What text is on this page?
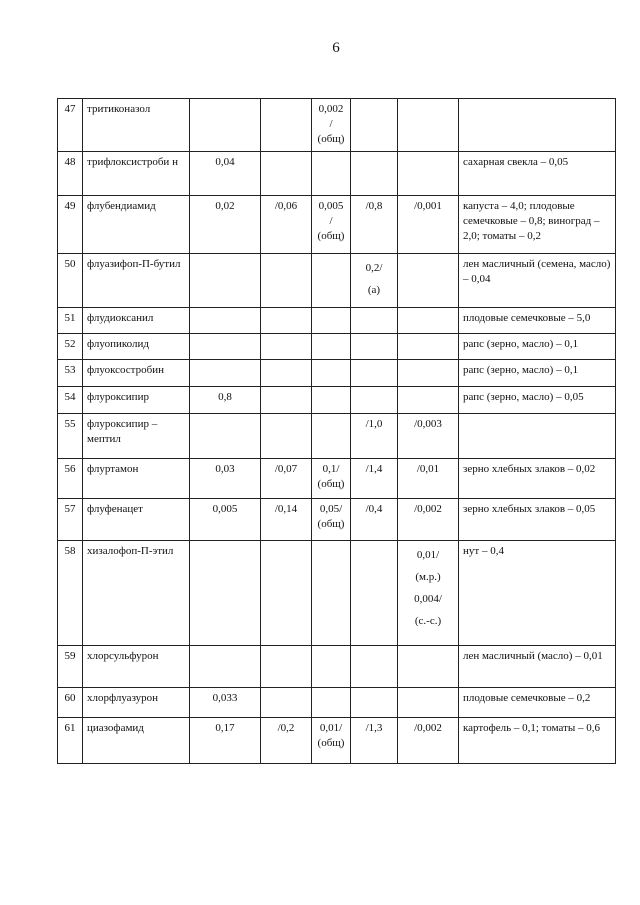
6
47	тритиконазол			0,002
/
(общ)			
48	трифлоксистроби н	0,04					сахарная свекла – 0,05
49	флубендиамид	0,02	/0,06	0,005
/
(общ)	/0,8	/0,001	капуста – 4,0; плодовые семечковые – 0,8; виноград – 2,0; томаты – 0,2
50	флуазифоп-П-бутил				0,2/
(а)		лен масличный (семена, масло) – 0,04
51	флудиоксанил						плодовые семечковые – 5,0
52	флуопиколид						рапс (зерно, масло) – 0,1
53	флуоксостробин						рапс (зерно, масло) – 0,1
54	флуроксипир	0,8					рапс (зерно, масло) – 0,05
55	флуроксипир – мептил				/1,0	/0,003	
56	флуртамон	0,03	/0,07	0,1/
(общ)	/1,4	/0,01	зерно хлебных злаков – 0,02
57	флуфенацет	0,005	/0,14	0,05/
(общ)	/0,4	/0,002	зерно хлебных злаков – 0,05
58	хизалофоп-П-этил					0,01/
(м.р.)
0,004/
(с.-с.)	нут – 0,4
59	хлорсульфурон						лен масличный (масло) – 0,01
60	хлорфлуазурон	0,033					плодовые семечковые – 0,2
61	циазофамид	0,17	/0,2	0,01/
(общ)	/1,3	/0,002	картофель – 0,1; томаты – 0,6
